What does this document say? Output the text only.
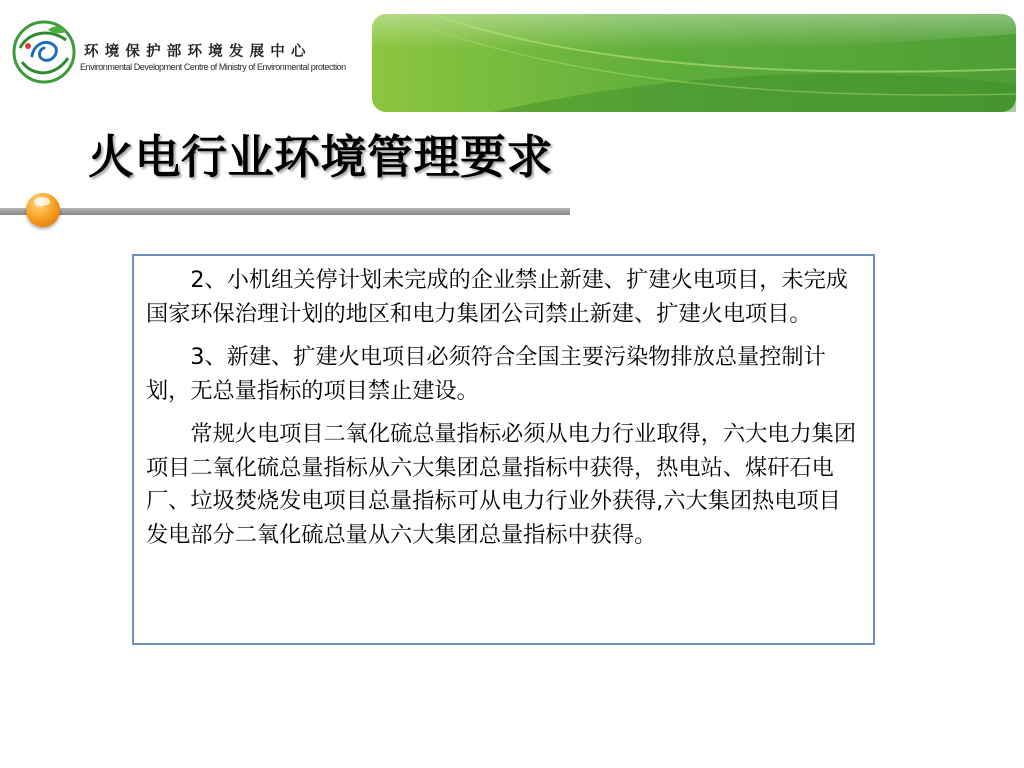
环境保护部环境发展中心
Environmental Development Centre of Ministry of Environmental protection
火电行业环境管理要求

2、小机组关停计划未完成的企业禁止新建、扩建火电项目，未完成国家环保治理计划的地区和电力集团公司禁止新建、扩建火电项目。

3、新建、扩建火电项目必须符合全国主要污染物排放总量控制计划，无总量指标的项目禁止建设。

常规火电项目二氧化硫总量指标必须从电力行业取得，六大电力集团项目二氧化硫总量指标从六大集团总量指标中获得，热电站、煤矸石电厂、垃圾焚烧发电项目总量指标可从电力行业外获得,六大集团热电项目发电部分二氧化硫总量从六大集团总量指标中获得。
